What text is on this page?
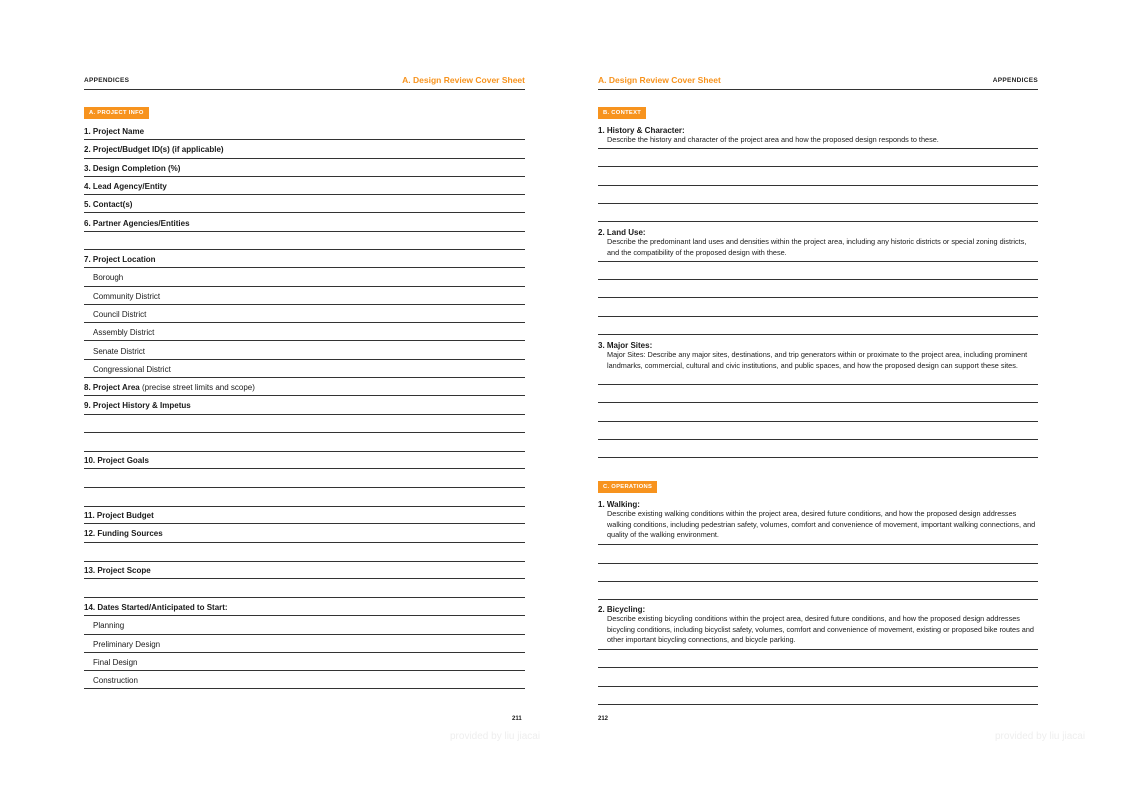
APPENDICES	A. Design Review Cover Sheet
A. PROJECT INFO
1. Project Name
2. Project/Budget ID(s) (if applicable)
3. Design Completion (%)
4. Lead Agency/Entity
5. Contact(s)
6. Partner Agencies/Entities
7. Project Location
Borough
Community District
Council District
Assembly District
Senate District
Congressional District
8. Project Area (precise street limits and scope)
9. Project History & Impetus
10. Project Goals
11. Project Budget
12. Funding Sources
13. Project Scope
14. Dates Started/Anticipated to Start:
Planning
Preliminary Design
Final Design
Construction
211
provided by liu jiacai
A. Design Review Cover Sheet	APPENDICES
B. CONTEXT
1. History & Character:
Describe the history and character of the project area and how the proposed design responds to these.
2. Land Use:
Describe the predominant land uses and densities within the project area, including any historic districts or special zoning districts, and the compatibility of the proposed design with these.
3. Major Sites:
Major Sites: Describe any major sites, destinations, and trip generators within or proximate to the project area, including prominent landmarks, commercial, cultural and civic institutions, and public spaces, and how the proposed design can support these sites.
C. OPERATIONS
1. Walking:
Describe existing walking conditions within the project area, desired future conditions, and how the proposed design addresses walking conditions, including pedestrian safety, volumes, comfort and convenience of movement, important walking connections, and quality of the walking environment.
2. Bicycling:
Describe existing bicycling conditions within the project area, desired future conditions, and how the proposed design addresses bicycling conditions, including bicyclist safety, volumes, comfort and convenience of movement, existing or proposed bike routes and other important bicycling connections, and bicycle parking.
212
provided by liu jiacai
